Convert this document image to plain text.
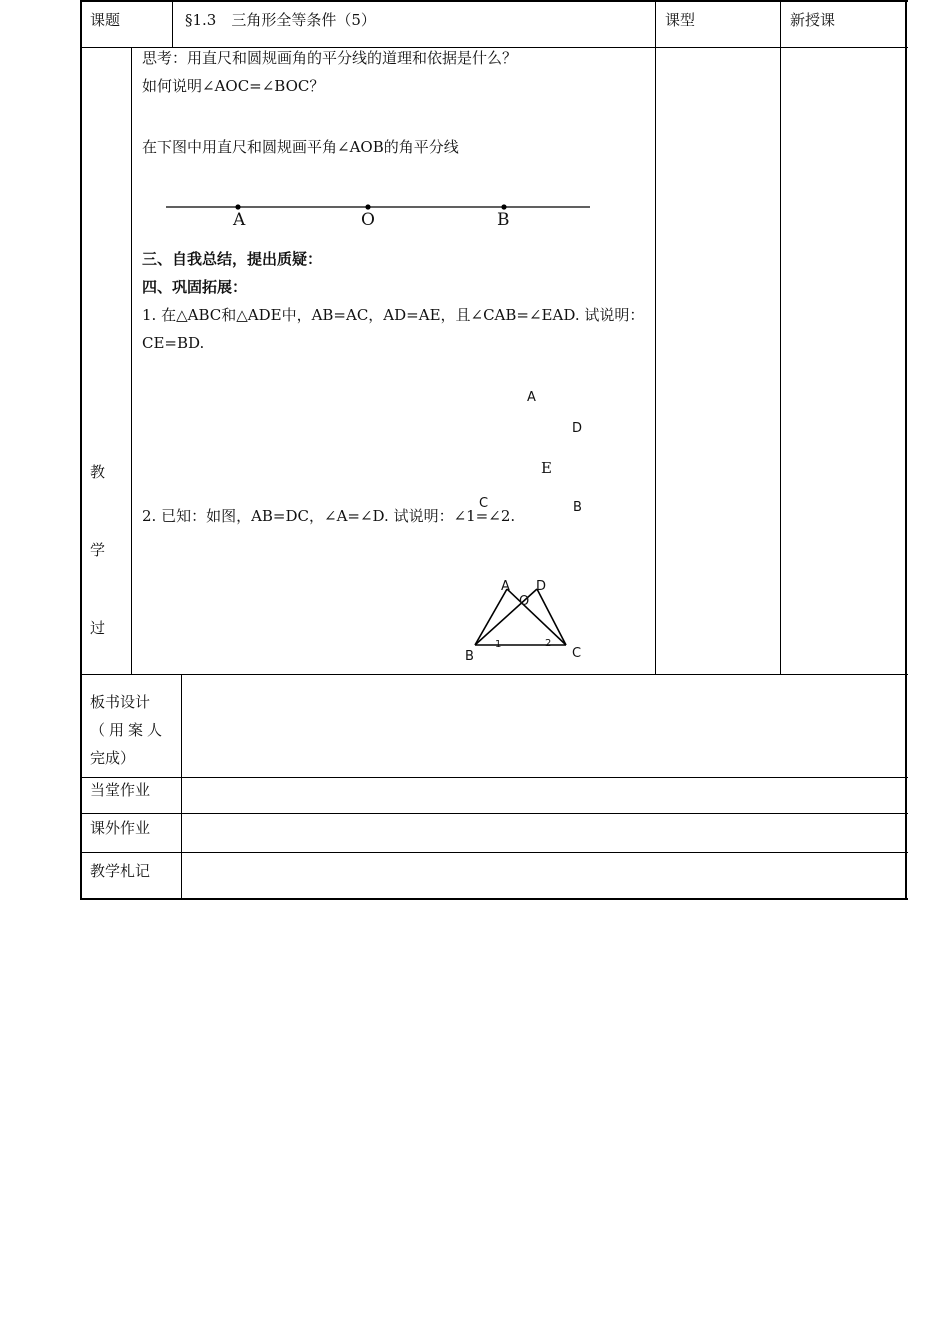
课题	§1.3　三角形全等条件（5）	课型	新授课
教
学
过
思考：用直尺和圆规画角的平分线的道理和依据是什么？
如何说明∠AOC=∠BOC？
在下图中用直尺和圆规画平角∠AOB的角平分线
A	O	B
三、自我总结，提出质疑：
四、巩固拓展：
1. 在△ABC和△ADE中，AB=AC，AD=AE，且∠CAB=∠EAD. 试说明：
CE=BD.
A
D
E
C	B
2. 已知：如图，AB=DC，∠A=∠D. 试说明：∠1=∠2.
A D
O
1	2
B	C
板书设计
（用案人
完成）
当堂作业
课外作业
教学札记
